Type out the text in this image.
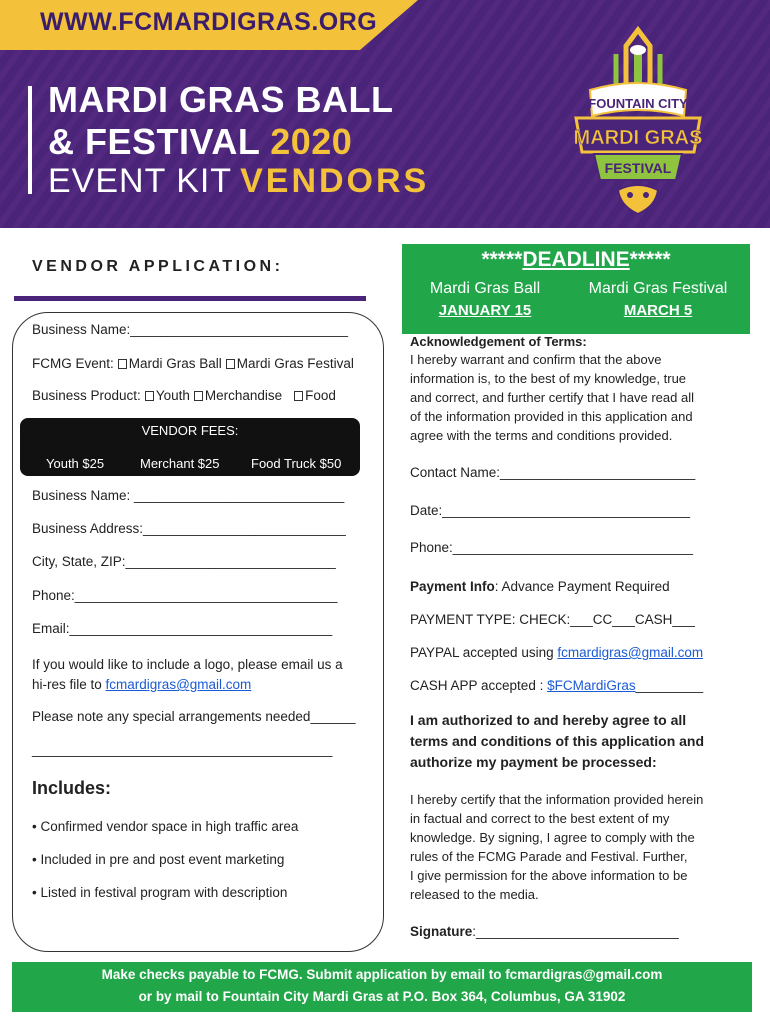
WWW.FCMARDIGRAS.ORG
MARDI GRAS BALL
& FESTIVAL 2020
EVENT KIT VENDORS
FOUNTAIN CITY
MARDI GRAS
FESTIVAL
VENDOR APPLICATION:
Business Name:_____________________________
FCMG Event: Mardi Gras Ball Mardi Gras Festival
Business Product: Youth Merchandise Food
VENDOR FEES:
Youth $25	Merchant $25 Food Truck $50
Business Name: ____________________________
Business Address:___________________________
City, State, ZIP:____________________________
Phone:___________________________________
Email:___________________________________
If you would like to include a logo, please email us a
hi-res file to fcmardigras@gmail.com
Please note any special arrangements needed______
________________________________________
Includes:
• Confirmed vendor space in high traffic area
• Included in pre and post event marketing
• Listed in festival program with description
*****DEADLINE*****
Mardi Gras Ball
JANUARY 15
Mardi Gras Festival
MARCH 5
Acknowledgement of Terms:
I hereby warrant and confirm that the above
information is, to the best of my knowledge, true
and correct, and further certify that I have read all
of the information provided in this application and
agree with the terms and conditions provided.
Contact Name:__________________________
Date:_________________________________
Phone:________________________________
Payment Info: Advance Payment Required
PAYMENT TYPE: CHECK:___CC___CASH___
PAYPAL accepted using fcmardigras@gmail.com
CASH APP accepted : $FCMardiGras_________
I am authorized to and hereby agree to all
terms and conditions of this application and
authorize my payment be processed:
I hereby certify that the information provided herein
in factual and correct to the best extent of my
knowledge. By signing, I agree to comply with the
rules of the FCMG Parade and Festival. Further,
I give permission for the above information to be
released to the media.
Signature:___________________________
Make checks payable to FCMG. Submit application by email to fcmardigras@gmail.com
or by mail to Fountain City Mardi Gras at P.O. Box 364, Columbus, GA 31902
